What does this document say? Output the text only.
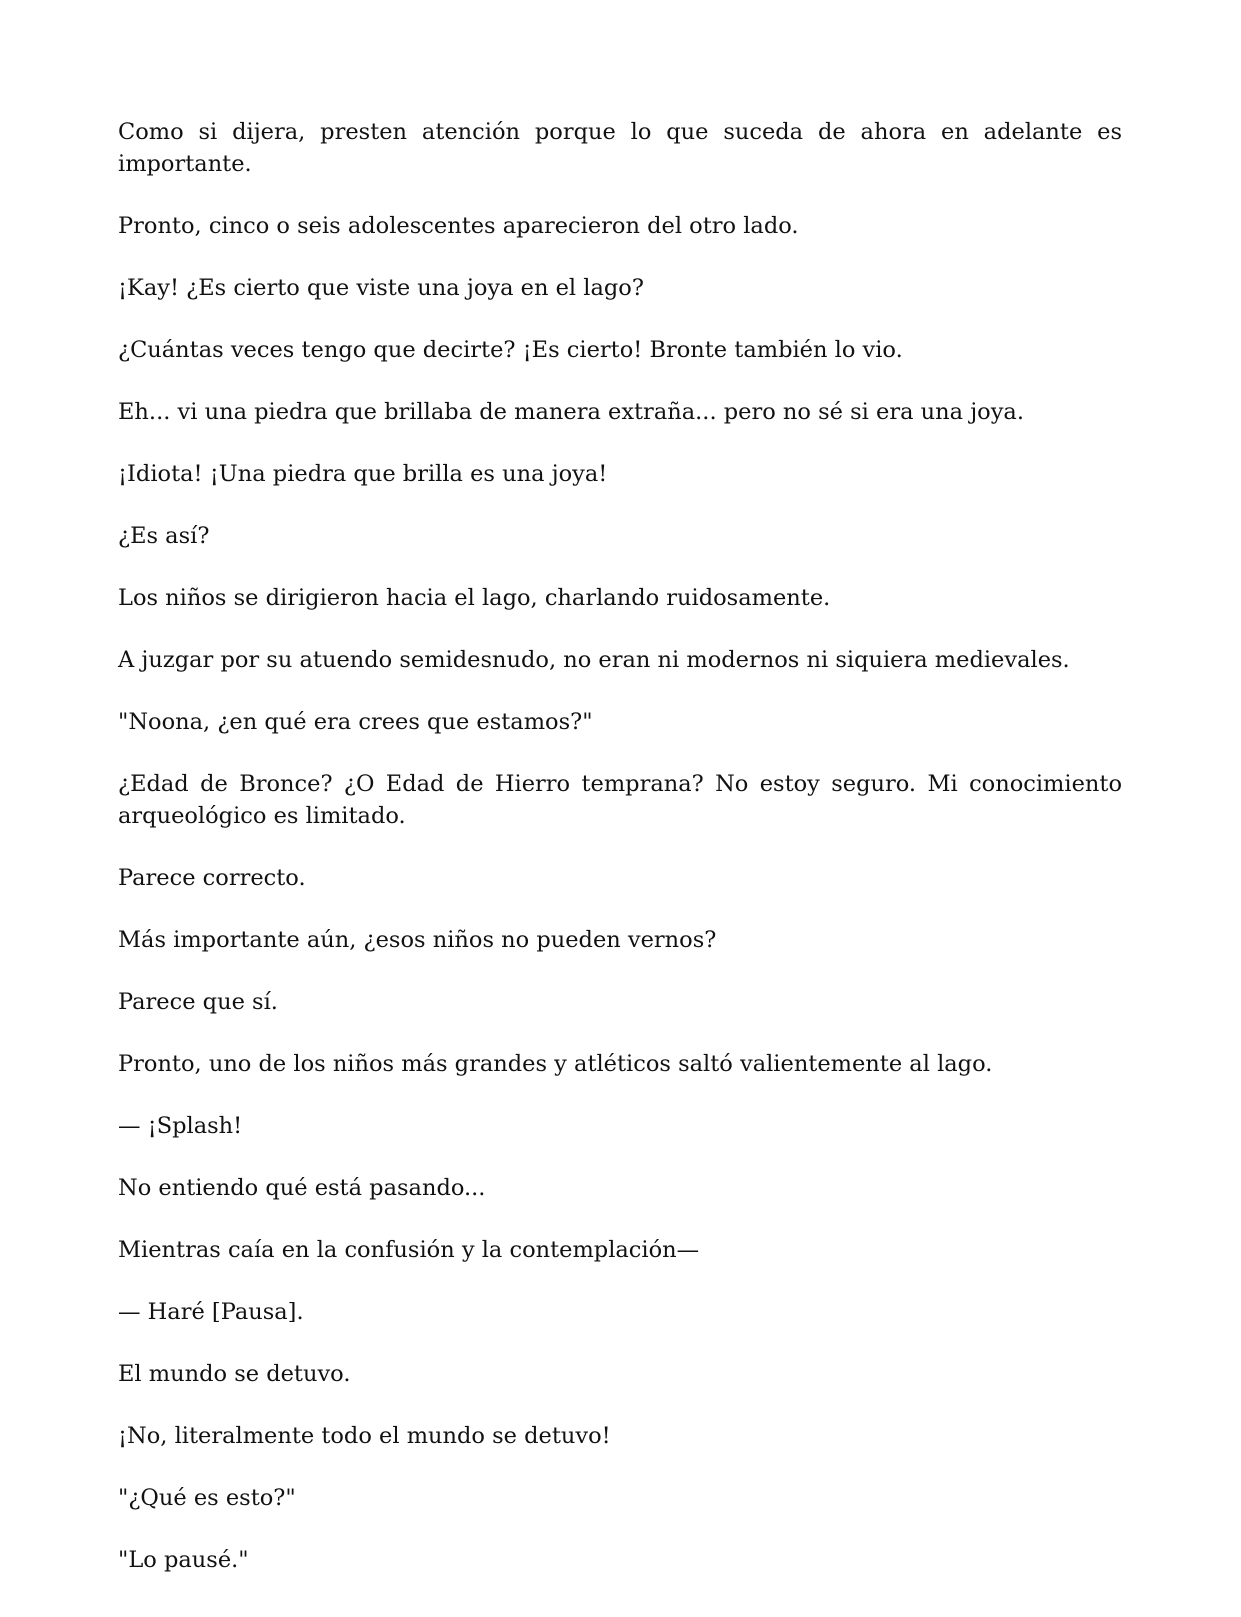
Como si dijera, presten atención porque lo que suceda de ahora en adelante es importante.

Pronto, cinco o seis adolescentes aparecieron del otro lado.

¡Kay! ¿Es cierto que viste una joya en el lago?

¿Cuántas veces tengo que decirte? ¡Es cierto! Bronte también lo vio.

Eh... vi una piedra que brillaba de manera extraña... pero no sé si era una joya.

¡Idiota! ¡Una piedra que brilla es una joya!

¿Es así?

Los niños se dirigieron hacia el lago, charlando ruidosamente.

A juzgar por su atuendo semidesnudo, no eran ni modernos ni siquiera medievales.

"Noona, ¿en qué era crees que estamos?"

¿Edad de Bronce? ¿O Edad de Hierro temprana? No estoy seguro. Mi conocimiento arqueológico es limitado.

Parece correcto.

Más importante aún, ¿esos niños no pueden vernos?

Parece que sí.

Pronto, uno de los niños más grandes y atléticos saltó valientemente al lago.

— ¡Splash!

No entiendo qué está pasando...

Mientras caía en la confusión y la contemplación—

— Haré [Pausa].

El mundo se detuvo.

¡No, literalmente todo el mundo se detuvo!

"¿Qué es esto?"

"Lo pausé."
